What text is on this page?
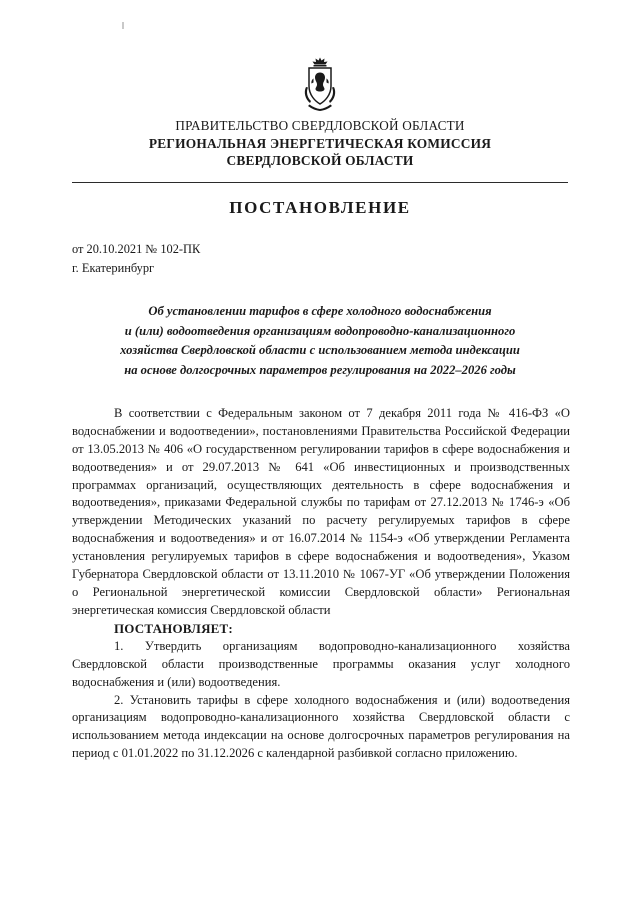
ПРАВИТЕЛЬСТВО СВЕРДЛОВСКОЙ ОБЛАСТИ
РЕГИОНАЛЬНАЯ ЭНЕРГЕТИЧЕСКАЯ КОМИССИЯ
СВЕРДЛОВСКОЙ ОБЛАСТИ
ПОСТАНОВЛЕНИЕ
от 20.10.2021 № 102-ПК
г. Екатеринбург
Об установлении тарифов в сфере холодного водоснабжения
и (или) водоотведения организациям водопроводно-канализационного
хозяйства Свердловской области с использованием метода индексации
на основе долгосрочных параметров регулирования на 2022–2026 годы

В соответствии с Федеральным законом от 7 декабря 2011 года № 416-ФЗ «О водоснабжении и водоотведении», постановлениями Правительства Российской Федерации от 13.05.2013 № 406 «О государственном регулировании тарифов в сфере водоснабжения и водоотведения» и от 29.07.2013 № 641 «Об инвестиционных и производственных программах организаций, осуществляющих деятельность в сфере водоснабжения и водоотведения», приказами Федеральной службы по тарифам от 27.12.2013 № 1746-э «Об утверждении Методических указаний по расчету регулируемых тарифов в сфере водоснабжения и водоотведения» и от 16.07.2014 № 1154-э «Об утверждении Регламента установления регулируемых тарифов в сфере водоснабжения и водоотведения», Указом Губернатора Свердловской области от 13.11.2010 № 1067-УГ «Об утверждении Положения о Региональной энергетической комиссии Свердловской области» Региональная энергетическая комиссия Свердловской области

ПОСТАНОВЛЯЕТ:

1. Утвердить организациям водопроводно-канализационного хозяйства Свердловской области производственные программы оказания услуг холодного водоснабжения и (или) водоотведения.

2. Установить тарифы в сфере холодного водоснабжения и (или) водоотведения организациям водопроводно-канализационного хозяйства Свердловской области с использованием метода индексации на основе долгосрочных параметров регулирования на период с 01.01.2022 по 31.12.2026 с календарной разбивкой согласно приложению.
